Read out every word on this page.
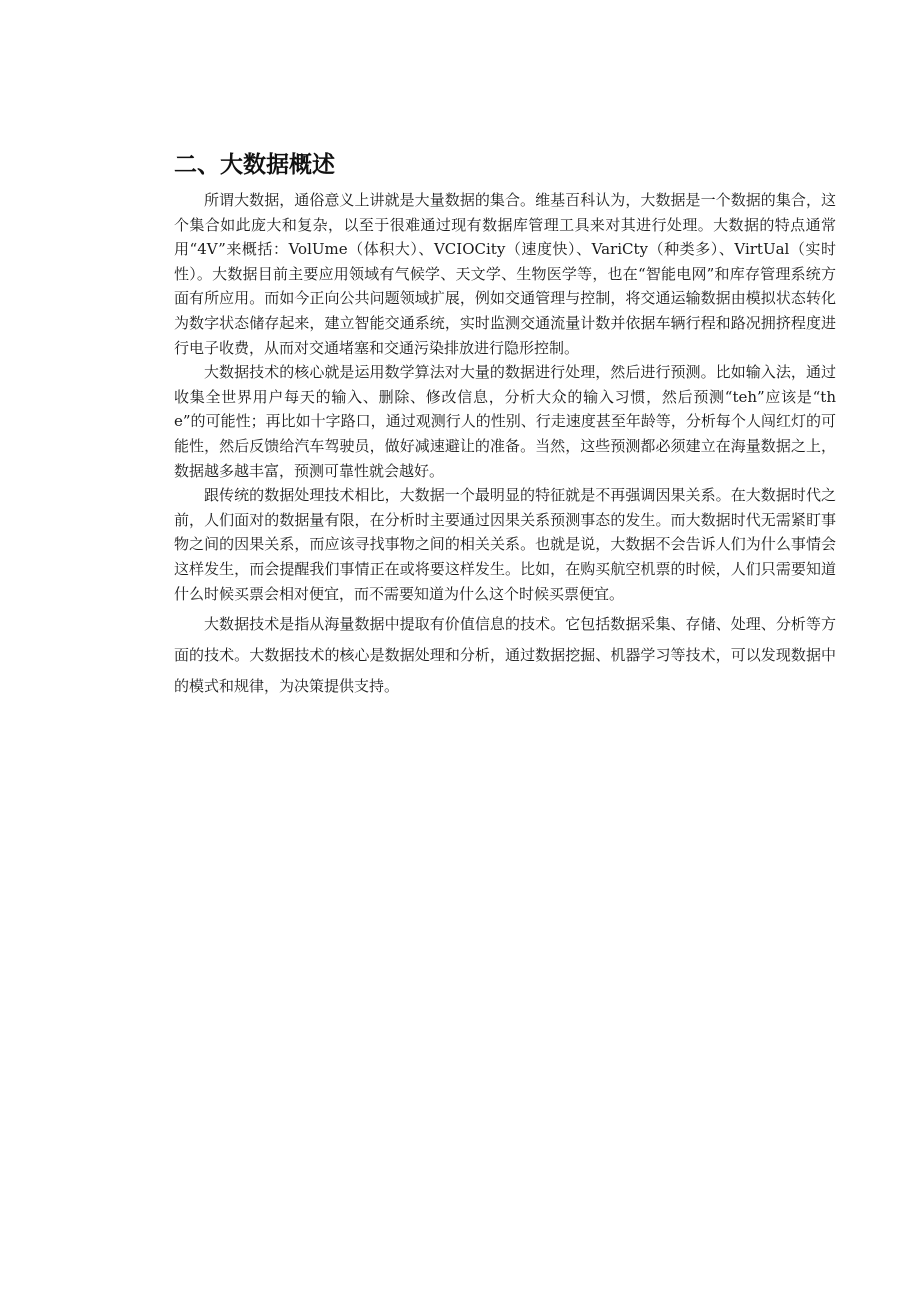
二、大数据概述

所谓大数据，通俗意义上讲就是大量数据的集合。维基百科认为，大数据是一个数据的集合，这个集合如此庞大和复杂，以至于很难通过现有数据库管理工具来对其进行处理。大数据的特点通常用“4V”来概括：VolUme（体积大）、VCIOCity（速度快）、VariCty（种类多）、VirtUal（实时性）。大数据目前主要应用领域有气候学、天文学、生物医学等，也在“智能电网”和库存管理系统方面有所应用。而如今正向公共问题领域扩展，例如交通管理与控制，将交通运输数据由模拟状态转化为数字状态储存起来，建立智能交通系统，实时监测交通流量计数并依据车辆行程和路况拥挤程度进行电子收费，从而对交通堵塞和交通污染排放进行隐形控制。

大数据技术的核心就是运用数学算法对大量的数据进行处理，然后进行预测。比如输入法，通过收集全世界用户每天的输入、删除、修改信息，分析大众的输入习惯，然后预测“teh”应该是“the”的可能性；再比如十字路口，通过观测行人的性别、行走速度甚至年龄等，分析每个人闯红灯的可能性，然后反馈给汽车驾驶员，做好减速避让的准备。当然，这些预测都必须建立在海量数据之上，数据越多越丰富，预测可靠性就会越好。

跟传统的数据处理技术相比，大数据一个最明显的特征就是不再强调因果关系。在大数据时代之前，人们面对的数据量有限，在分析时主要通过因果关系预测事态的发生。而大数据时代无需紧盯事物之间的因果关系，而应该寻找事物之间的相关关系。也就是说，大数据不会告诉人们为什么事情会这样发生，而会提醒我们事情正在或将要这样发生。比如，在购买航空机票的时候，人们只需要知道什么时候买票会相对便宜，而不需要知道为什么这个时候买票便宜。

大数据技术是指从海量数据中提取有价值信息的技术。它包括数据采集、存储、处理、分析等方面的技术。大数据技术的核心是数据处理和分析，通过数据挖掘、机器学习等技术，可以发现数据中的模式和规律，为决策提供支持。
